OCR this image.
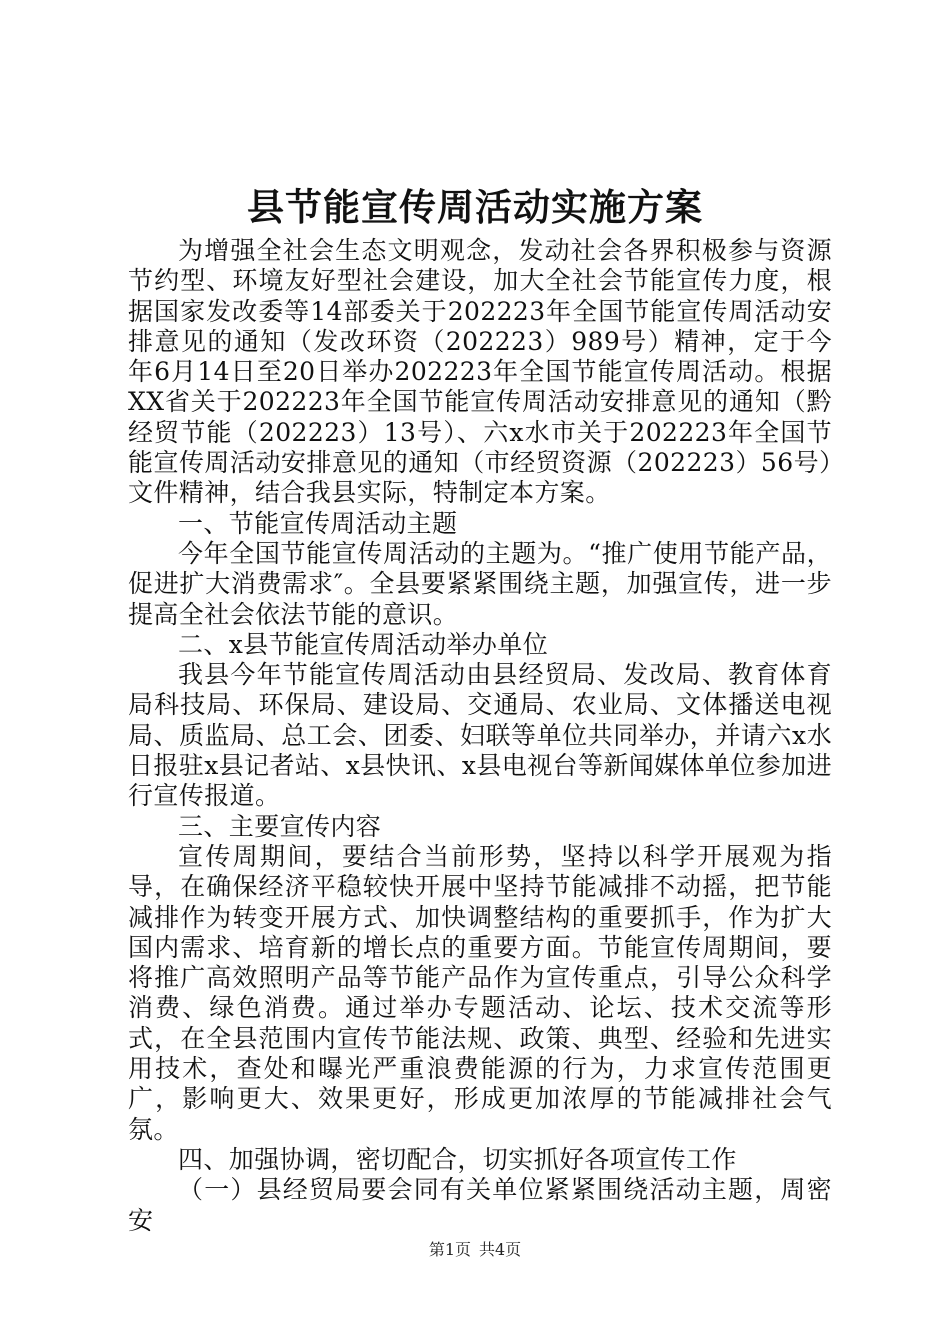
县节能宣传周活动实施方案

为增强全社会生态文明观念，发动社会各界积极参与资源节约型、环境友好型社会建设，加大全社会节能宣传力度，根据国家发改委等14部委关于202223年全国节能宣传周活动安排意见的通知（发改环资（202223）989号）精神，定于今年6月14日至20日举办202223年全国节能宣传周活动。根据XX省关于202223年全国节能宣传周活动安排意见的通知（黔经贸节能（202223）13号）、六x水市关于202223年全国节能宣传周活动安排意见的通知（市经贸资源（202223）56号）文件精神，结合我县实际，特制定本方案。

一、节能宣传周活动主题

今年全国节能宣传周活动的主题为。“推广使用节能产品，促进扩大消费需求″。全县要紧紧围绕主题，加强宣传，进一步提高全社会依法节能的意识。

二、x县节能宣传周活动举办单位

我县今年节能宣传周活动由县经贸局、发改局、教育体育局科技局、环保局、建设局、交通局、农业局、文体播送电视局、质监局、总工会、团委、妇联等单位共同举办，并请六x水日报驻x县记者站、x县快讯、x县电视台等新闻媒体单位参加进行宣传报道。

三、主要宣传内容

宣传周期间，要结合当前形势，坚持以科学开展观为指导，在确保经济平稳较快开展中坚持节能减排不动摇，把节能减排作为转变开展方式、加快调整结构的重要抓手，作为扩大国内需求、培育新的增长点的重要方面。节能宣传周期间，要将推广高效照明产品等节能产品作为宣传重点，引导公众科学消费、绿色消费。通过举办专题活动、论坛、技术交流等形式，在全县范围内宣传节能法规、政策、典型、经验和先进实用技术，查处和曝光严重浪费能源的行为，力求宣传范围更广，影响更大、效果更好，形成更加浓厚的节能减排社会气氛。

四、加强协调，密切配合，切实抓好各项宣传工作

（一）县经贸局要会同有关单位紧紧围绕活动主题，周密安

第1页 共4页
